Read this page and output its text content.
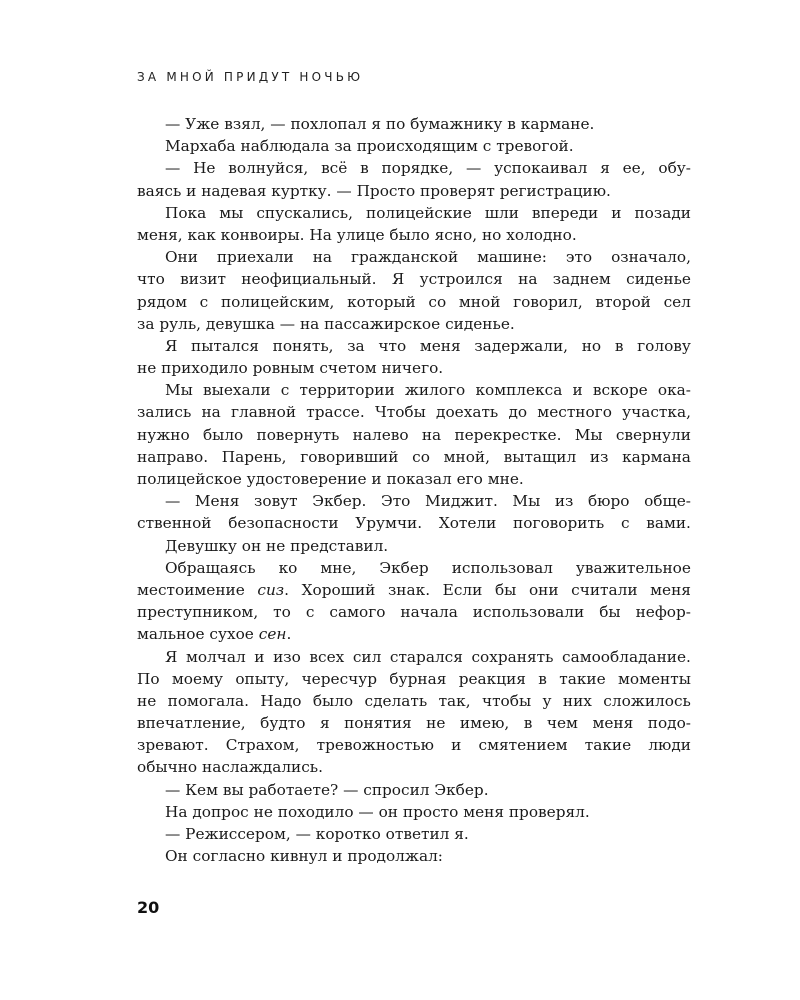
ЗА МНОЙ ПРИДУТ НОЧЬЮ
— Уже взял, — похлопал я по бумажнику в кармане.
Мархаба наблюдала за происходящим с тревогой.
— Не волнуйся, всё в порядке, — успокаивал я ее, обу-
ваясь и надевая куртку. — Просто проверят регистрацию.
Пока мы спускались, полицейские шли впереди и позади
меня, как конвоиры. На улице было ясно, но холодно.
Они приехали на гражданской машине: это означало,
что визит неофициальный. Я устроился на заднем сиденье
рядом с полицейским, который со мной говорил, второй сел
за руль, девушка — на пассажирское сиденье.
Я пытался понять, за что меня задержали, но в голову
не приходило ровным счетом ничего.
Мы выехали с территории жилого комплекса и вскоре ока-
зались на главной трассе. Чтобы доехать до местного участка,
нужно было повернуть налево на перекрестке. Мы свернули
направо. Парень, говоривший со мной, вытащил из кармана
полицейское удостоверение и показал его мне.
— Меня зовут Экбер. Это Миджит. Мы из бюро обще-
ственной безопасности Урумчи. Хотели поговорить с вами.
Девушку он не представил.
Обращаясь ко мне, Экбер использовал уважительное
местоимение сиз. Хороший знак. Если бы они считали меня
преступником, то с самого начала использовали бы нефор-
мальное сухое сен.
Я молчал и изо всех сил старался сохранять самообладание.
По моему опыту, чересчур бурная реакция в такие моменты
не помогала. Надо было сделать так, чтобы у них сложилось
впечатление, будто я понятия не имею, в чем меня подо-
зревают. Страхом, тревожностью и смятением такие люди
обычно наслаждались.
— Кем вы работаете? — спросил Экбер.
На допрос не походило — он просто меня проверял.
— Режиссером, — коротко ответил я.
Он согласно кивнул и продолжал:
20
